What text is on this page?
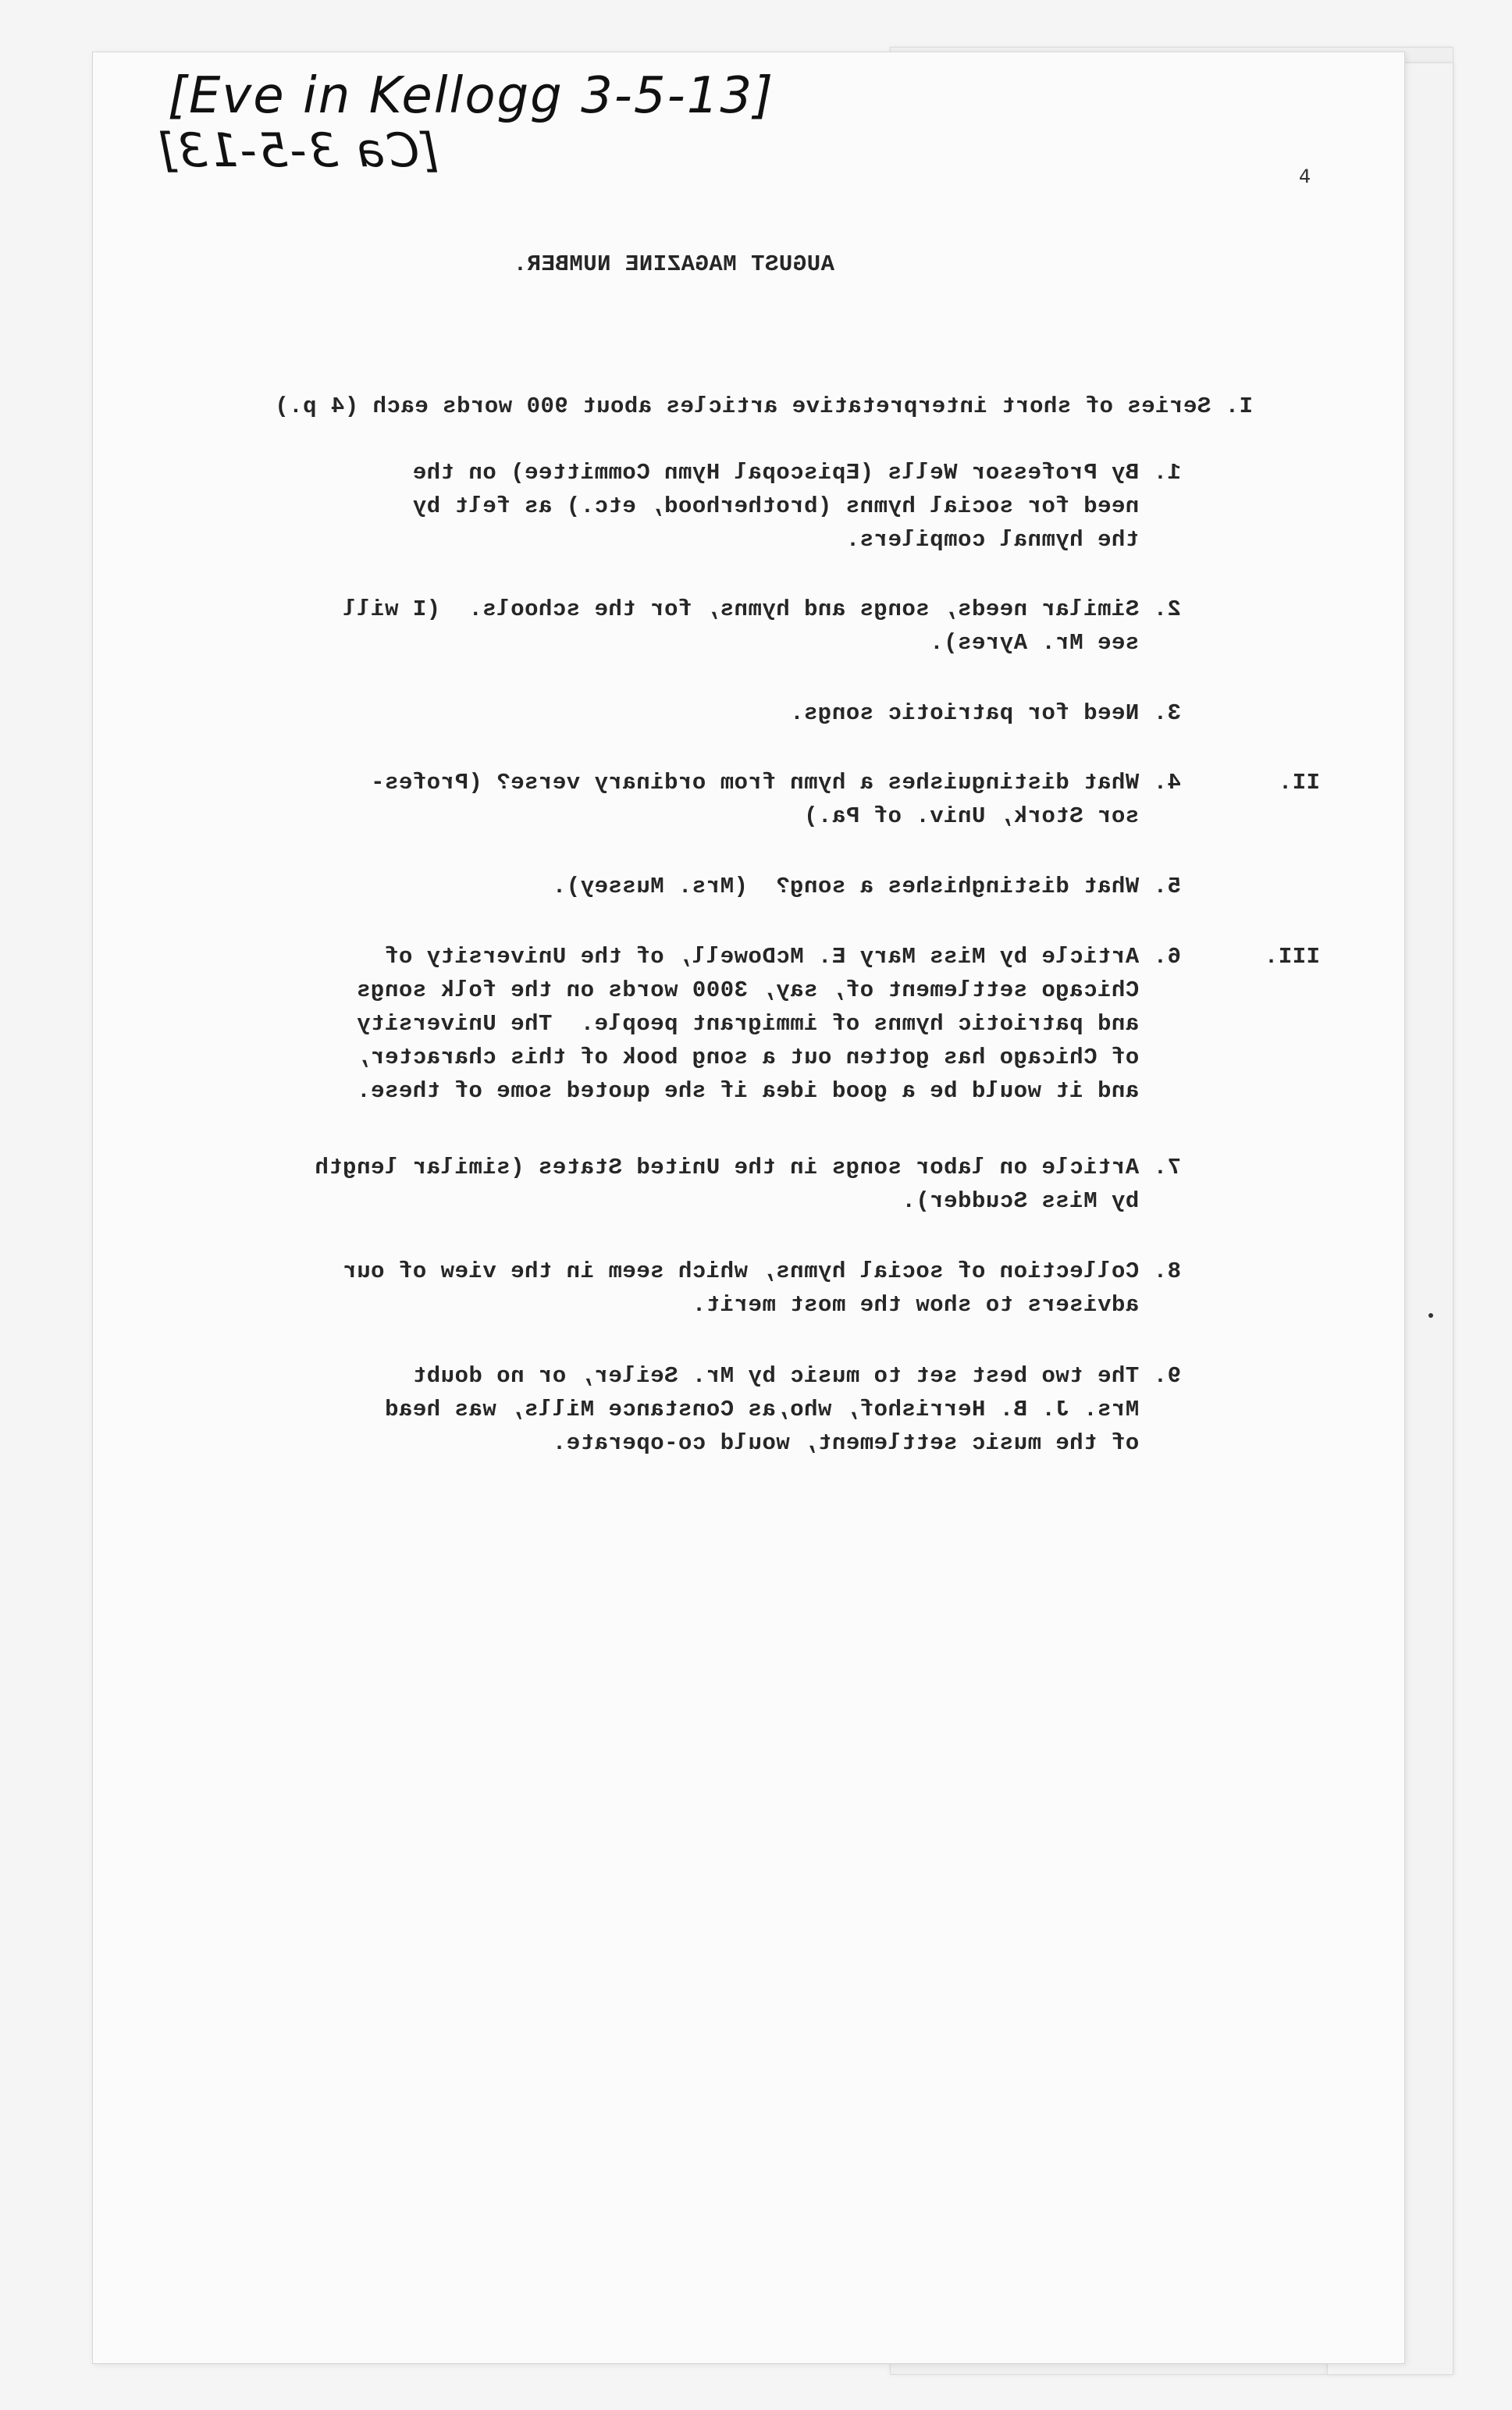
[Eve in Kellogg 3-5-13]
[Ca 3-5-13]	4
AUGUST MAGAZINE NUMBER.
I. Series of short interpretative articles about 900 words each (4 p.)
1. By Professor Wells (Episcopal Hymn Committee) on the
need for social hymns (brotherhood, etc.) as felt by
the hymnal compilers.
2. Similar needs, songs and hymns, for the schools.  (I will
see Mr. Ayres).
3. Need for patriotic songs.
II.
4. What distinguishes a hymn from ordinary verse? (Profes-
sor Stork, Univ. of Pa.)
5. What distinghishes a song?  (Mrs. Mussey).
III.
6. Article by Miss Mary E. McDowell, of the University of
Chicago settlement of, say, 3000 words on the folk songs
and patriotic hymns of immigrant people.  The University
of Chicago has gotten out a song book of this character,
and it would be a good idea if she quoted some of these.
7. Article on labor songs in the United States (similar length
by Miss Scudder).
8. Collection of social hymns, which seem in the view of our
advisers to show the most merit.
9. The two best set to music by Mr. Seiler, or no doubt
Mrs. J. B. Herrishof, who,as Constance Mills, was head
of the music settlement, would co-operate.
